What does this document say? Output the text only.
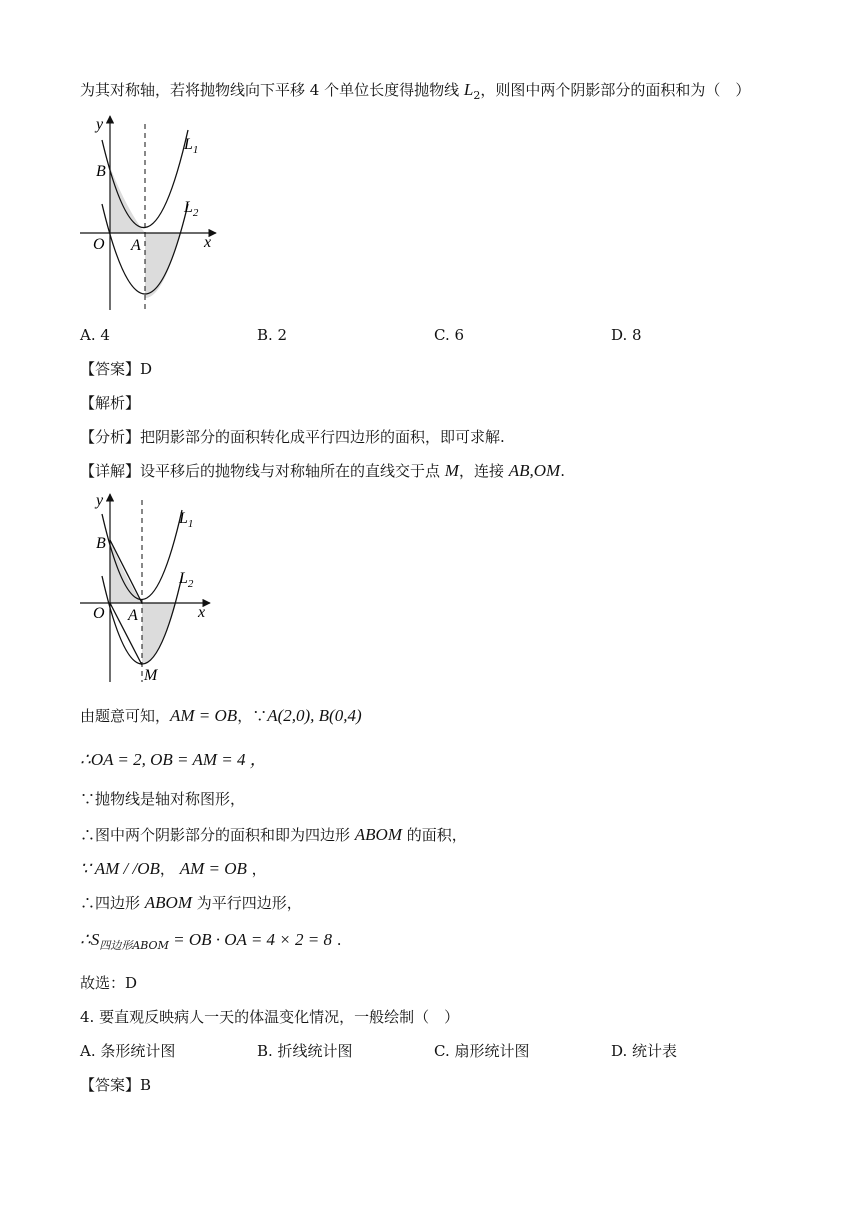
为其对称轴，若将抛物线向下平移 4 个单位长度得抛物线 $L_2$，则图中两个阴影部分的面积和为（　）
y
x
B
O A
$L_1$
$L_2$
A. 4	B. 2	C. 6	D. 8
【答案】D
【解析】
【分析】把阴影部分的面积转化成平行四边形的面积，即可求解.
【详解】设平移后的抛物线与对称轴所在的直线交于点 M，连接 AB,OM.
y
x
B
O A
M
$L_1$
$L_2$
由题意可知，AM = OB，∵A(2,0), B(0,4)
∴OA = 2, OB = AM = 4 ，
∵抛物线是轴对称图形，
∴图中两个阴影部分的面积和即为四边形 ABOM 的面积，
∵ AM / /OB， AM = OB ，
∴四边形 ABOM 为平行四边形，
$\therefore S_{四边形ABOM}$ = OB · OA = 4 × 2 = 8 .
故选：D
4. 要直观反映病人一天的体温变化情况，一般绘制（　）
A. 条形统计图	B. 折线统计图	C. 扇形统计图	D. 统计表
【答案】B
